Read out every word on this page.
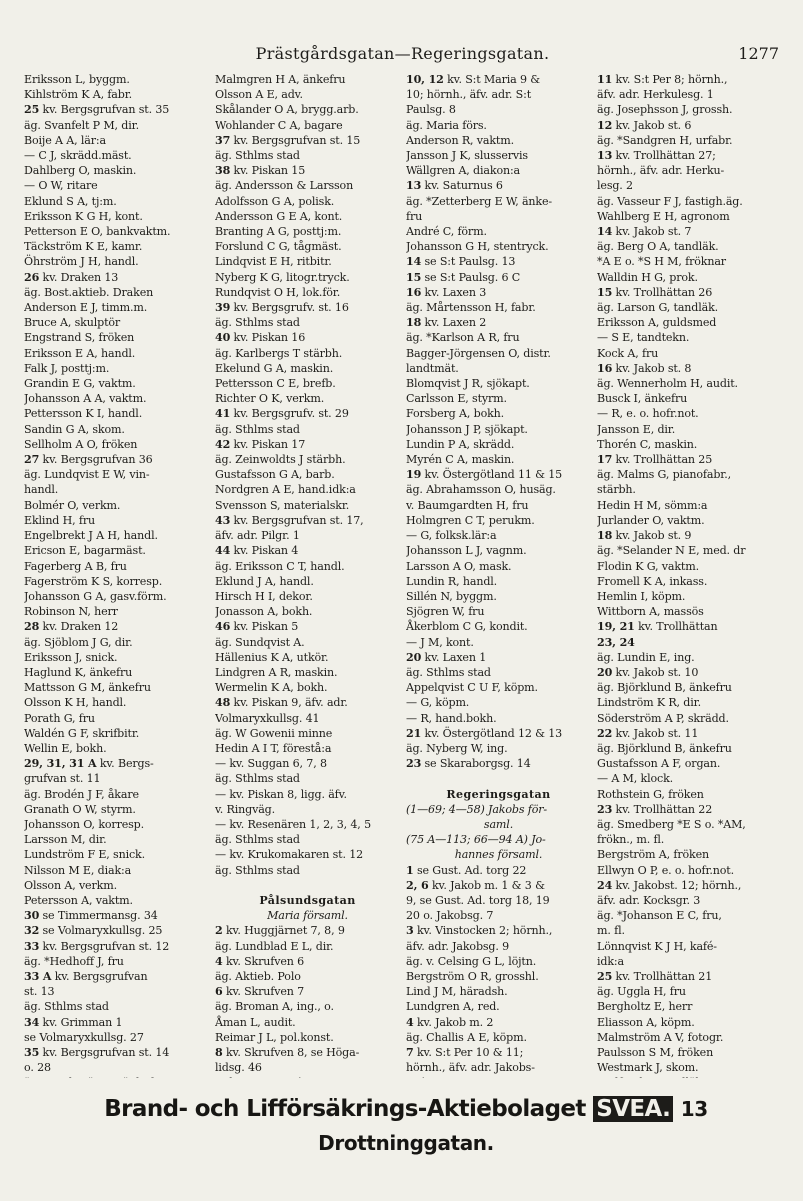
Prästgårdsgatan—Regeringsgatan.	1277
Eriksson L, byggm.
Kihlström K A, fabr.
25 kv. Bergsgrufvan st. 35
äg. Svanfelt P M, dir.
Boije A A, lär:a
— C J, skrädd.mäst.
Dahlberg O, maskin.
— O W, ritare
Eklund S A, tj:m.
Eriksson K G H, kont.
Petterson E O, bankvaktm.
Täckström K E, kamr.
Öhrström J H, handl.
26 kv. Draken 13
äg. Bost.aktieb. Draken
Anderson E J, timm.m.
Bruce A, skulptör
Engstrand S, fröken
Eriksson E A, handl.
Falk J, posttj:m.
Grandin E G, vaktm.
Johansson A A, vaktm.
Pettersson K I, handl.
Sandin G A, skom.
Sellholm A O, fröken
27 kv. Bergsgrufvan 36
äg. Lundqvist E W, vin-
handl.
Bolmér O, verkm.
Eklind H, fru
Engelbrekt J A H, handl.
Ericson E, bagarmäst.
Fagerberg A B, fru
Fagerström K S, korresp.
Johansson G A, gasv.förm.
Robinson N, herr
28 kv. Draken 12
äg. Sjöblom J G, dir.
Eriksson J, snick.
Haglund K, änkefru
Mattsson G M, änkefru
Olsson K H, handl.
Porath G, fru
Waldén G F, skrifbitr.
Wellin E, bokh.
29, 31, 31 A kv. Bergs-
grufvan st. 11
äg. Brodén J F, åkare
Granath O W, styrm.
Johansson O, korresp.
Larsson M, dir.
Lundström F E, snick.
Nilsson M E, diak:a
Olsson A, verkm.
Petersson A, vaktm.
30 se Timmermansg. 34
32 se Volmaryxkullsg. 25
33 kv. Bergsgrufvan st. 12
äg. *Hedhoff J, fru
33 A kv. Bergsgrufvan
st. 13
äg. Sthlms stad
34 kv. Grimman 1
se Volmaryxkullsg. 27
35 kv. Bergsgrufvan st. 14
o. 28
Malmgren H A, änkefru
Olsson A E, adv.
Skålander O A, brygg.arb.
Wohlander C A, bagare
37 kv. Bergsgrufvan st. 15
äg. Sthlms stad
38 kv. Piskan 15
äg. Andersson & Larsson
Adolfsson G A, polisk.
Andersson G E A, kont.
Branting A G, posttj:m.
Forslund C G, tågmäst.
Lindqvist E H, ritbitr.
Nyberg K G, litogr.tryck.
Rundqvist O H, lok.för.
39 kv. Bergsgrufv. st. 16
äg. Sthlms stad
40 kv. Piskan 16
äg. Karlbergs T stärbh.
Ekelund G A, maskin.
Pettersson C E, brefb.
Richter O K, verkm.
41 kv. Bergsgrufv. st. 29
äg. Sthlms stad
42 kv. Piskan 17
äg. Zeinwoldts J stärbh.
Gustafsson G A, barb.
Nordgren A E, hand.idk:a
Svensson S, materialskr.
43 kv. Bergsgrufvan st. 17,
äfv. adr. Pilgr. 1
44 kv. Piskan 4
äg. Eriksson C T, handl.
Eklund J A, handl.
Hirsch H I, dekor.
Jonasson A, bokh.
46 kv. Piskan 5
äg. Sundqvist A.
Hällenius K A, utkör.
Lindgren A R, maskin.
Wermelin K A, bokh.
48 kv. Piskan 9, äfv. adr.
Volmaryxkullsg. 41
äg. W Gowenii minne
Hedin A I T, förestå:a
— kv. Suggan 6, 7, 8
äg. Sthlms stad
— kv. Piskan 8, ligg. äfv.
v. Ringväg.
— kv. Resenären 1, 2, 3, 4, 5
äg. Sthlms stad
— kv. Krukomakaren st. 12
äg. Sthlms stad

Pålsundsgatan
Maria församl.
2 kv. Huggjärnet 7, 8, 9
äg. Lundblad E L, dir.
4 kv. Skrufven 6
äg. Aktieb. Polo
6 kv. Skrufven 7
äg. Broman A, ing., o.
Åman L, audit.
Reimar J L, pol.konst.
8 kv. Skrufven 8, se Höga-
lidsg. 46

10, 12 kv. S:t Maria 9 &
10; hörnh., äfv. adr. S:t
Paulsg. 8
äg. Maria förs.
Anderson R, vaktm.
Jansson J K, slusservis
Wällgren A, diakon:a
13 kv. Saturnus 6
äg. *Zetterberg E W, änke-
fru
André C, förm.
Johansson G H, stentryck.
14 se S:t Paulsg. 13
15 se S:t Paulsg. 6 C
16 kv. Laxen 3
äg. Mårtensson H, fabr.
18 kv. Laxen 2
äg. *Karlson A R, fru
Bagger-Jörgensen O, distr.
landtmät.
Blomqvist J R, sjökapt.
Carlsson E, styrm.
Forsberg A, bokh.
Johansson J P, sjökapt.
Lundin P A, skrädd.
Myrén C A, maskin.
19 kv. Östergötland 11 & 15
äg. Abrahamsson O, husäg.
v. Baumgardten H, fru
Holmgren C T, perukm.
— G, folksk.lär:a
Johansson L J, vagnm.
Larsson A O, mask.
Lundin R, handl.
Sillén N, byggm.
Sjögren W, fru
Åkerblom C G, kondit.
— J M, kont.
20 kv. Laxen 1
äg. Sthlms stad
Appelqvist C U F, köpm.
— G, köpm.
— R, hand.bokh.
21 kv. Östergötland 12 & 13
äg. Nyberg W, ing.
23 se Skaraborgsg. 14

Regeringsgatan
(1—69; 4—58) Jakobs för-
saml.
(75 A—113; 66—94 A) Jo-
hannes församl.
1 se Gust. Ad. torg 22
2, 6 kv. Jakob m. 1 & 3 &
9, se Gust. Ad. torg 18, 19
20 o. Jakobsg. 7
3 kv. Vinstocken 2; hörnh.,
äfv. adr. Jakobsg. 9
äg. v. Celsing G L, löjtn.
Bergström O R, grosshl.
Lind J M, häradsh.
Lundgren A, red.
4 kv. Jakob m. 2
äg. Challis A E, köpm.
7 kv. S:t Per 10 & 11;
hörnh., äfv. adr. Jakobs-
11 kv. S:t Per 8; hörnh.,
äfv. adr. Herkulesg. 1
äg. Josephsson J, grossh.
12 kv. Jakob st. 6
äg. *Sandgren H, urfabr.
13 kv. Trollhättan 27;
hörnh., äfv. adr. Herku-
lesg. 2
äg. Vasseur F J, fastigh.äg.
Wahlberg E H, agronom
14 kv. Jakob st. 7
äg. Berg O A, tandläk.
*A E o. *S H M, fröknar
Walldin H G, prok.
15 kv. Trollhättan 26
äg. Larson G, tandläk.
Eriksson A, guldsmed
— S E, tandtekn.
Kock A, fru
16 kv. Jakob st. 8
äg. Wennerholm H, audit.
Busck I, änkefru
— R, e. o. hofr.not.
Jansson E, dir.
Thorén C, maskin.
17 kv. Trollhättan 25
äg. Malms G, pianofabr.,
stärbh.
Hedin H M, sömm:a
Jurlander O, vaktm.
18 kv. Jakob st. 9
äg. *Selander N E, med. dr
Flodin K G, vaktm.
Fromell K A, inkass.
Hemlin I, köpm.
Wittborn A, massös
19, 21 kv. Trollhättan
23, 24
äg. Lundin E, ing.
20 kv. Jakob st. 10
äg. Björklund B, änkefru
Lindström K R, dir.
Söderström A P, skrädd.
22 kv. Jakob st. 11
äg. Björklund B, änkefru
Gustafsson A F, organ.
— A M, klock.
Rothstein G, fröken
23 kv. Trollhättan 22
äg. Smedberg *E S o. *AM,
frökn., m. fl.
Bergström A, fröken
Ellwyn O P, e. o. hofr.not.
24 kv. Jakobst. 12; hörnh.,
äfv. adr. Kocksgr. 3
äg. *Johanson E C, fru,
m. fl.
Lönnqvist K J H, kafé-
idk:a
25 kv. Trollhättan 21
äg. Uggla H, fru
Bergholtz E, herr
Eliasson A, köpm.
Malmström A V, fotogr.
Paulsson S M, fröken
Westmark J, skom.
Brand- och Lifförsäkrings-Aktiebolaget SVEA. 13 Drottninggatan.
